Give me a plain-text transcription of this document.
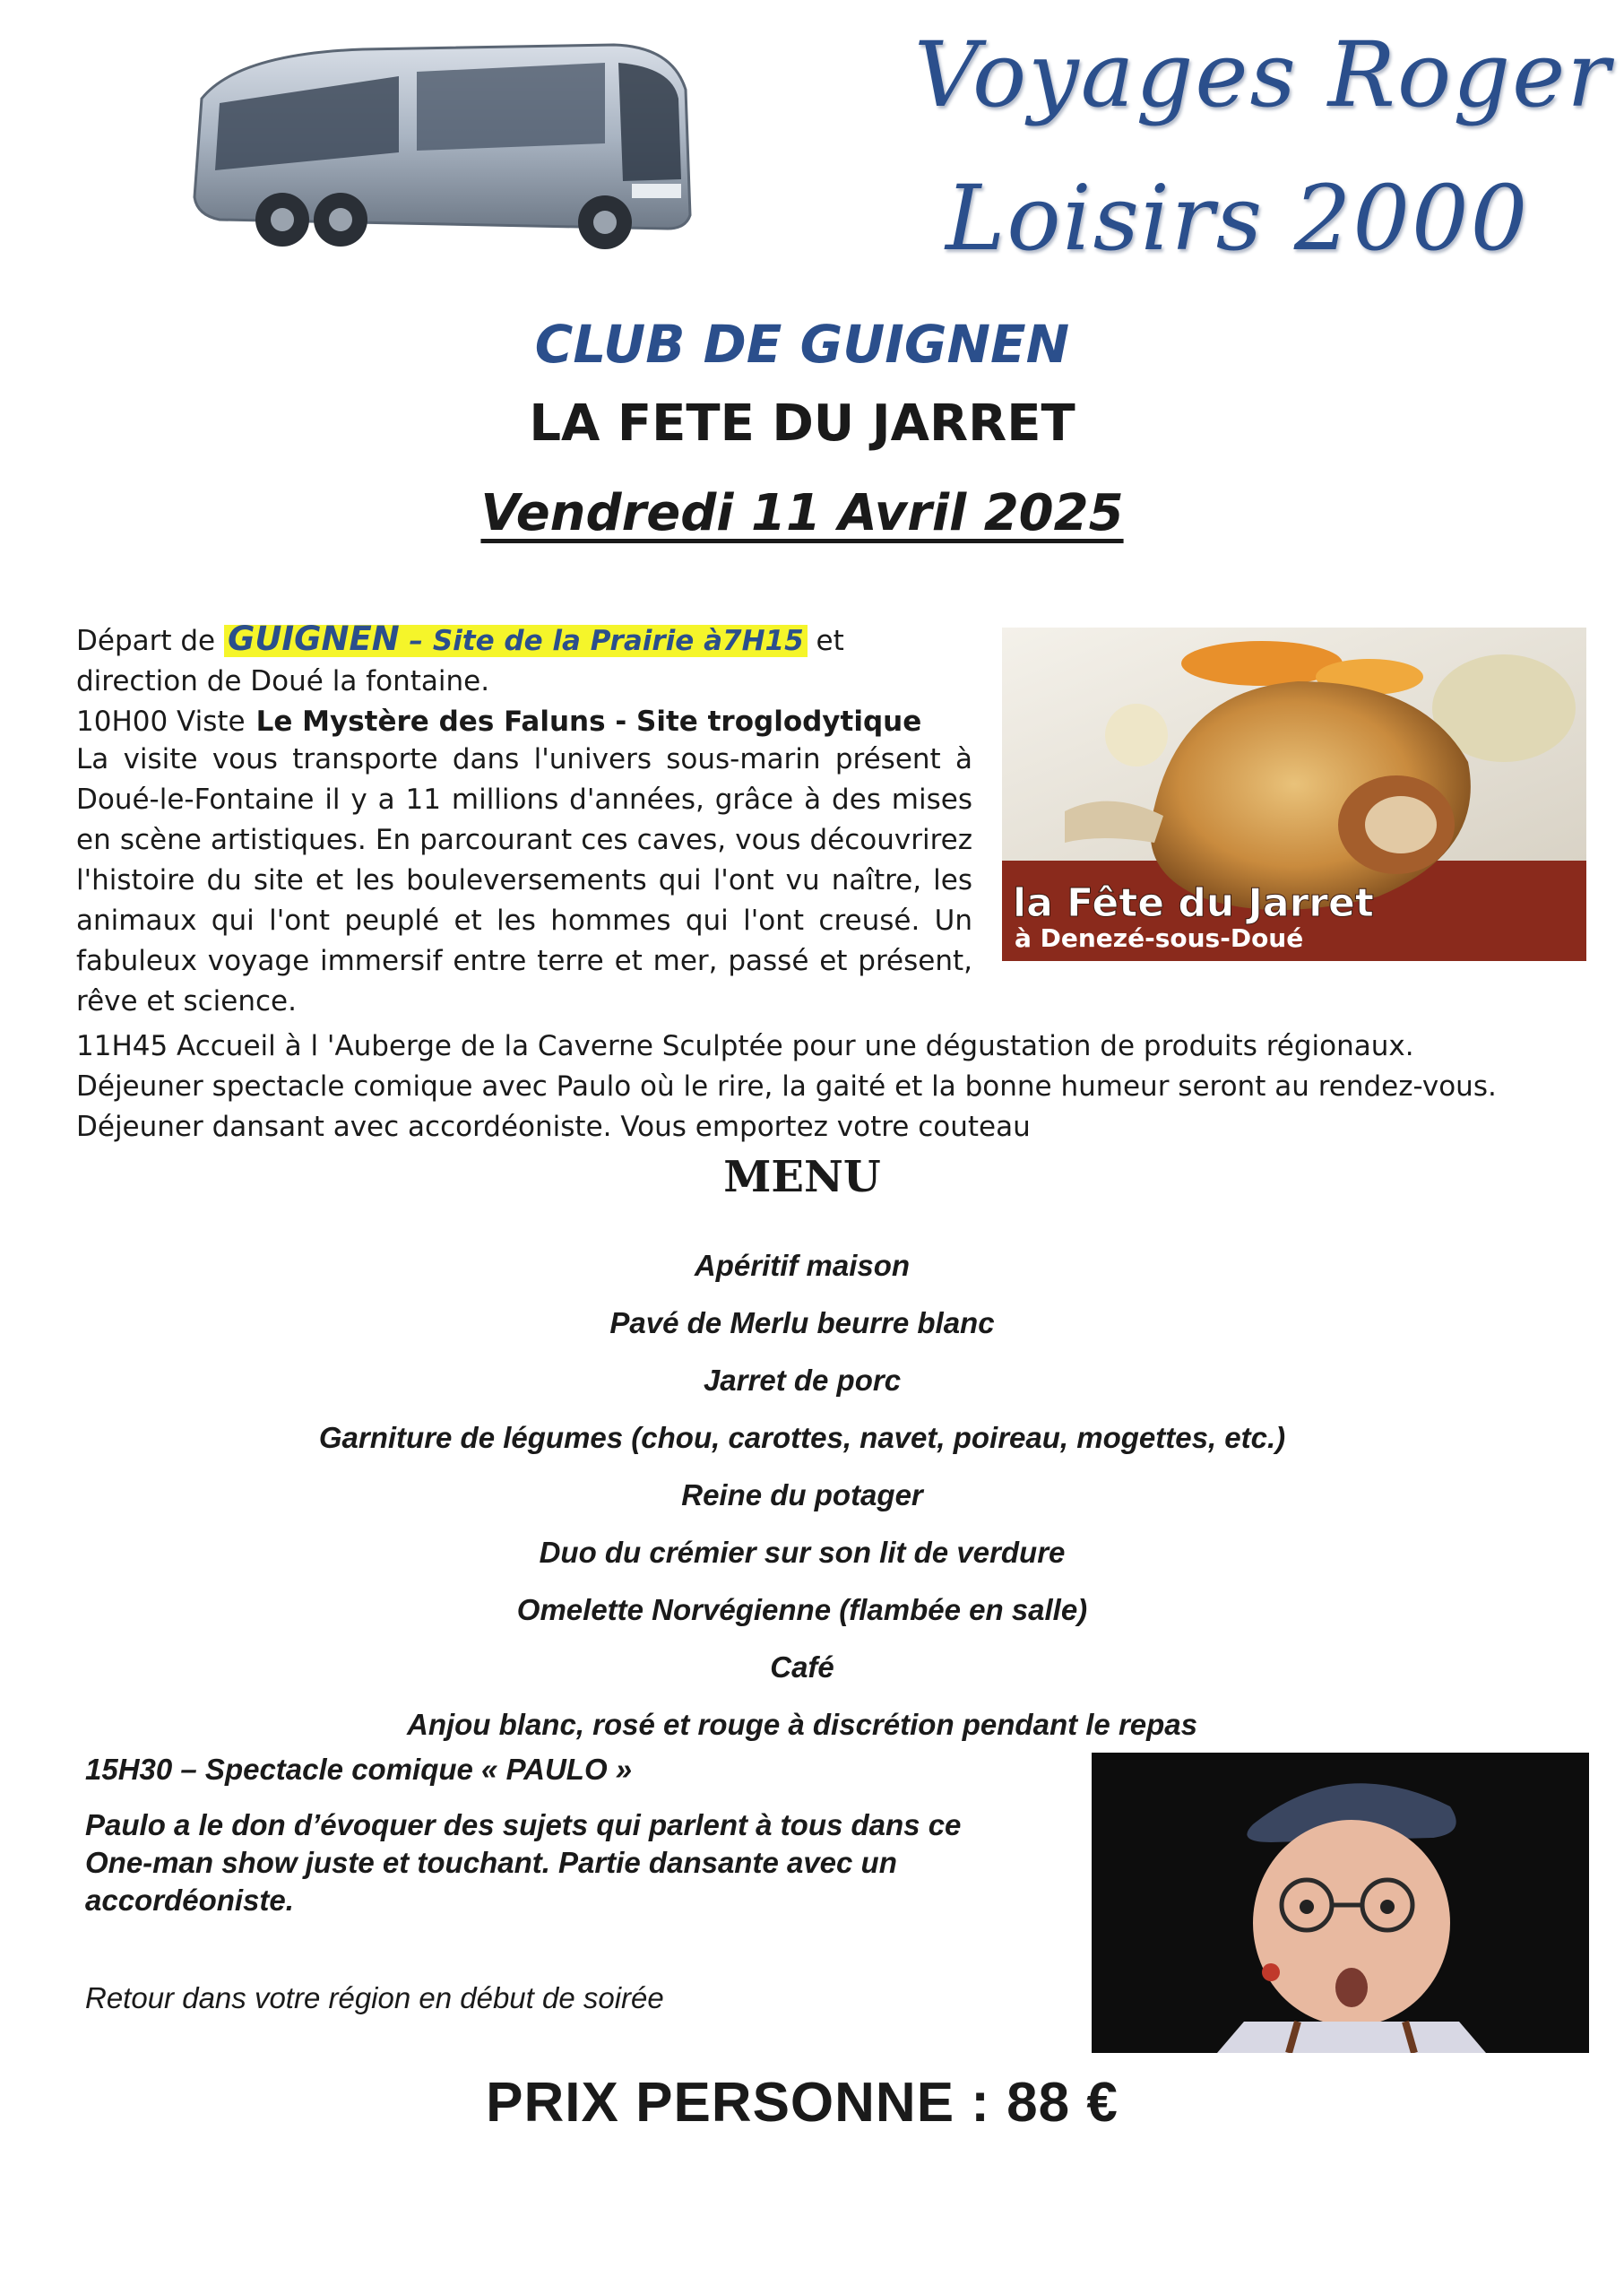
Voyages Roger
Loisirs 2000
CLUB DE GUIGNEN
LA FETE DU JARRET
Vendredi 11 Avril 2025
Départ de GUIGNEN – Site de la Prairie à7H15 et direction de Doué la fontaine.
10H00 Viste Le Mystère des Faluns - Site troglodytique
La visite vous transporte dans l'univers sous-marin présent à Doué-le-Fontaine il y a 11 millions d'années, grâce à des mises en scène artistiques. En parcourant ces caves, vous découvrirez l'histoire du site et les bouleversements qui l'ont vu naître, les animaux qui l'ont peuplé et les hommes qui l'ont creusé. Un fabuleux voyage immersif entre terre et mer, passé et présent, rêve et science.
11H45 Accueil à l 'Auberge de la Caverne Sculptée pour une dégustation de produits régionaux.
Déjeuner spectacle comique avec Paulo où le rire, la gaité et la bonne humeur seront au rendez-vous.
Déjeuner dansant avec accordéoniste. Vous emportez votre couteau
la Fête du Jarret
à Denezé-sous-Doué
MENU
Apéritif maison
Pavé de Merlu beurre blanc
Jarret de porc
Garniture de légumes (chou, carottes, navet, poireau, mogettes, etc.)
Reine du potager
Duo du crémier sur son lit de verdure
Omelette Norvégienne (flambée en salle)
Café
Anjou blanc, rosé et rouge à discrétion pendant le repas
15H30 – Spectacle comique « PAULO »
Paulo a le don d’évoquer des sujets qui parlent à tous dans ce One-man show juste et touchant. Partie dansante avec un accordéoniste.
Retour dans votre région en début de soirée
PRIX PERSONNE : 88 €
